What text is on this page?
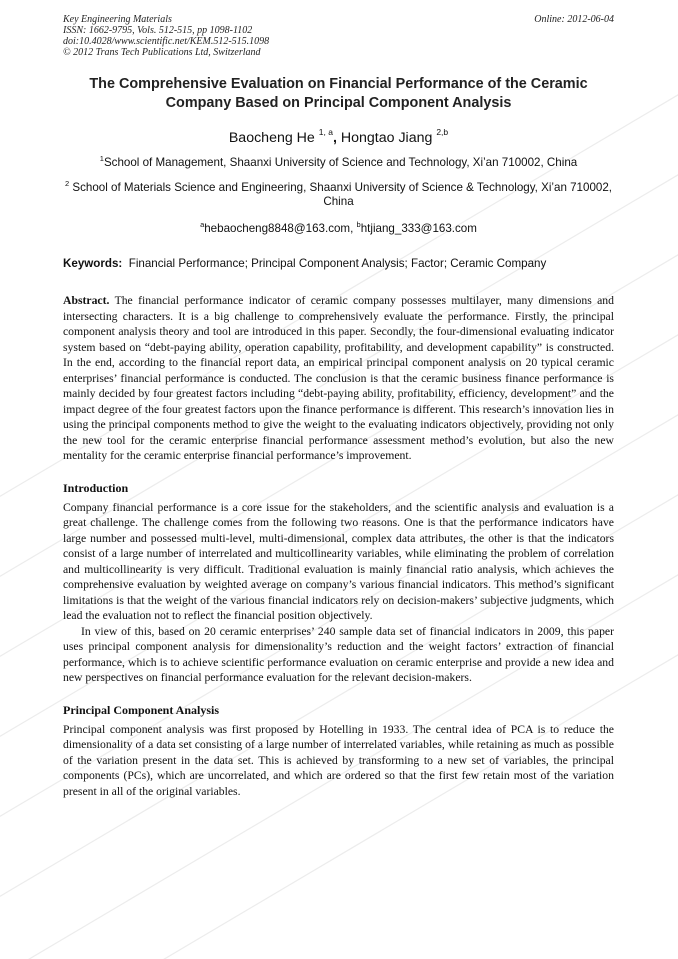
Key Engineering Materials
ISSN: 1662-9795, Vols. 512-515, pp 1098-1102
doi:10.4028/www.scientific.net/KEM.512-515.1098
© 2012 Trans Tech Publications Ltd, Switzerland
Online: 2012-06-04
The Comprehensive Evaluation on Financial Performance of the Ceramic Company Based on Principal Component Analysis
Baocheng He $^{1, a}$, Hongtao Jiang $^{2,b}$
$^1$School of Management, Shaanxi University of Science and Technology, Xi’an 710002, China
$^2$ School of Materials Science and Engineering, Shaanxi University of Science & Technology, Xi’an 710002, China
$^a$hebaocheng8848@163.com, $^b$htjiang_333@163.com
Keywords: Financial Performance; Principal Component Analysis; Factor; Ceramic Company
Abstract. The financial performance indicator of ceramic company possesses multilayer, many dimensions and intersecting characters. It is a big challenge to comprehensively evaluate the performance. Firstly, the principal component analysis theory and tool are introduced in this paper. Secondly, the four-dimensional evaluating indicator system based on “debt-paying ability, operation capability, profitability, and development capability” is constructed. In the end, according to the financial report data, an empirical principal component analysis on 20 typical ceramic enterprises’ financial performance is conducted. The conclusion is that the ceramic business finance performance is mainly decided by four greatest factors including “debt-paying ability, profitability, efficiency, development” and the impact degree of the four greatest factors upon the finance performance is different. This research’s innovation lies in using the principal components method to give the weight to the evaluating indicators objectively, providing not only the new tool for the ceramic enterprise financial performance assessment method’s evolution, but also the new mentality for the ceramic enterprise financial performance’s improvement.
Introduction
Company financial performance is a core issue for the stakeholders, and the scientific analysis and evaluation is a great challenge. The challenge comes from the following two reasons. One is that the performance indicators have large number and possessed multi-level, multi-dimensional, complex data attributes, the other is that the indicators consist of a large number of interrelated and multicollinearity variables, while eliminating the problem of correlation and multicollinearity is very difficult. Traditional evaluation is mainly financial ratio analysis, which achieves the comprehensive evaluation by weighted average on company’s various financial indicators. This method’s significant limitations is that the weight of the various financial indicators rely on decision-makers’ subjective judgments, which lead the evaluation not to reflect the financial position objectively.
In view of this, based on 20 ceramic enterprises’ 240 sample data set of financial indicators in 2009, this paper uses principal component analysis for dimensionality’s reduction and the weight factors’ extraction of financial performance, which is to achieve scientific performance evaluation on ceramic enterprise and provide a new idea and new perspectives on financial performance evaluation for the relevant decision-makers.
Principal Component Analysis
Principal component analysis was first proposed by Hotelling in 1933. The central idea of PCA is to reduce the dimensionality of a data set consisting of a large number of interrelated variables, while retaining as much as possible of the variation present in the data set. This is achieved by transforming to a new set of variables, the principal components (PCs), which are uncorrelated, and which are ordered so that the first few retain most of the variation present in all of the original variables.
